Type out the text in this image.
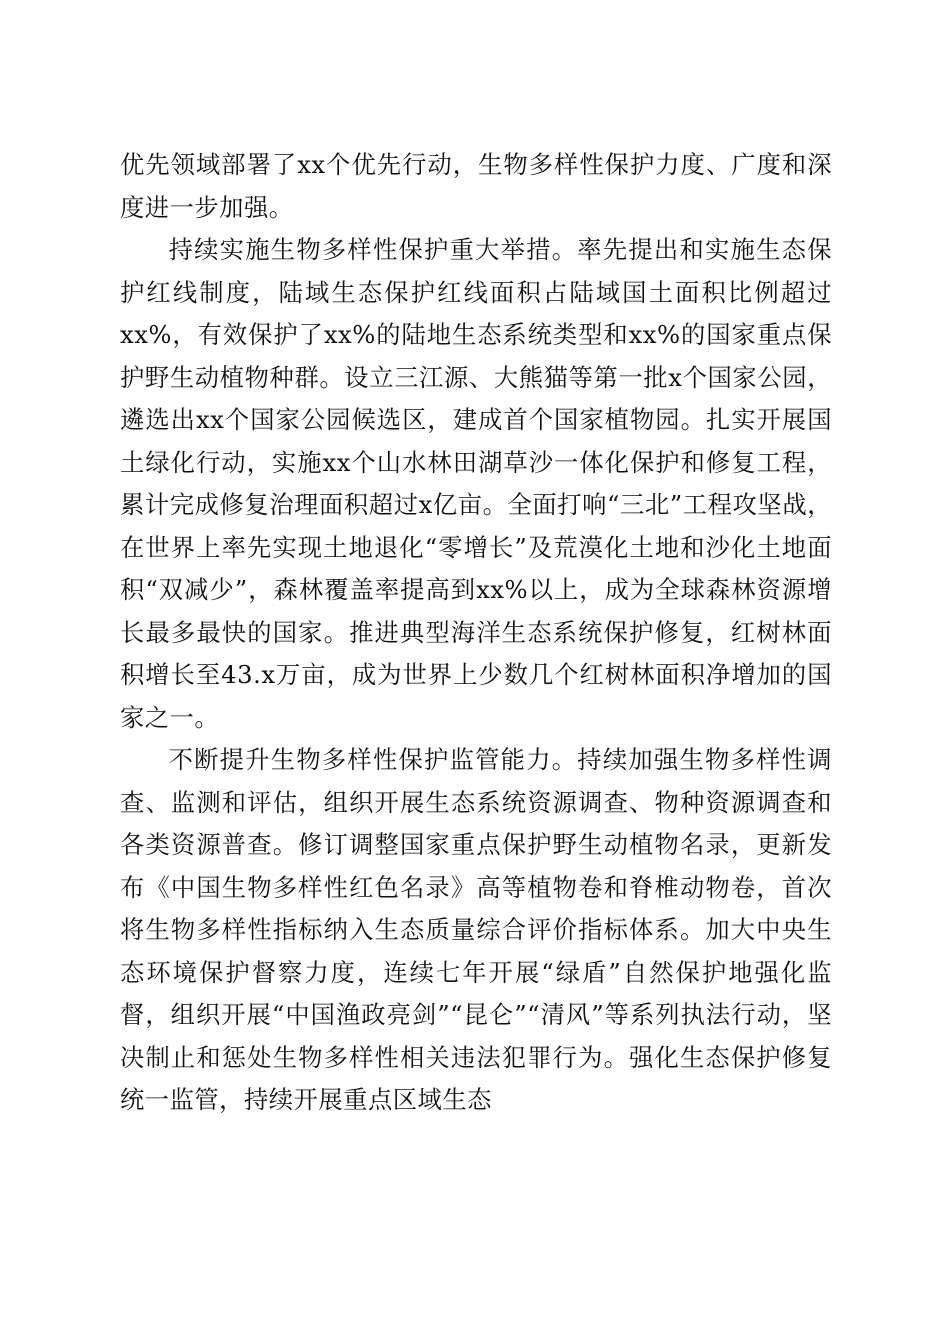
优先领域部署了xx个优先行动，生物多样性保护力度、广度和深度进一步加强。

持续实施生物多样性保护重大举措。率先提出和实施生态保护红线制度，陆域生态保护红线面积占陆域国土面积比例超过xx%，有效保护了xx%的陆地生态系统类型和xx%的国家重点保护野生动植物种群。设立三江源、大熊猫等第一批x个国家公园，遴选出xx个国家公园候选区，建成首个国家植物园。扎实开展国土绿化行动，实施xx个山水林田湖草沙一体化保护和修复工程，累计完成修复治理面积超过x亿亩。全面打响“三北”工程攻坚战，在世界上率先实现土地退化“零增长”及荒漠化土地和沙化土地面积“双减少”，森林覆盖率提高到xx%以上，成为全球森林资源增长最多最快的国家。推进典型海洋生态系统保护修复，红树林面积增长至43.x万亩，成为世界上少数几个红树林面积净增加的国家之一。

不断提升生物多样性保护监管能力。持续加强生物多样性调查、监测和评估，组织开展生态系统资源调查、物种资源调查和各类资源普查。修订调整国家重点保护野生动植物名录，更新发布《中国生物多样性红色名录》高等植物卷和脊椎动物卷，首次将生物多样性指标纳入生态质量综合评价指标体系。加大中央生态环境保护督察力度，连续七年开展“绿盾”自然保护地强化监督，组织开展“中国渔政亮剑”“昆仑”“清风”等系列执法行动，坚决制止和惩处生物多样性相关违法犯罪行为。强化生态保护修复统一监管，持续开展重点区域生态
